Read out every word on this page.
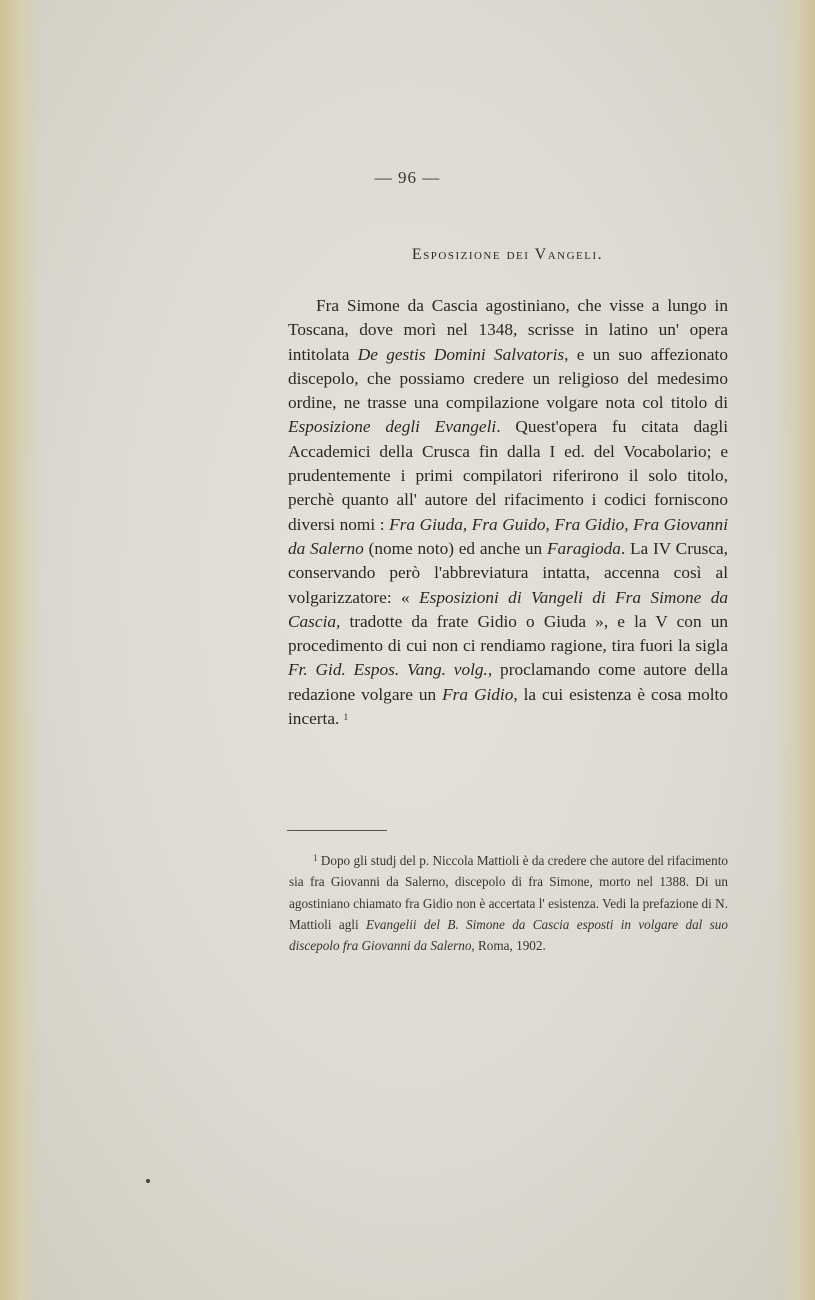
— 96 —
Esposizione dei Vangeli.

Fra Simone da Cascia agostiniano, che visse a lungo in Toscana, dove morì nel 1348, scrisse in latino un' opera intitolata De gestis Domini Salvatoris, e un suo affezionato discepolo, che possiamo credere un religioso del medesimo ordine, ne trasse una compilazione volgare nota col titolo di Esposizione degli Evangeli. Quest'opera fu citata dagli Accademici della Crusca fin dalla I ed. del Vocabolario; e prudentemente i primi compilatori riferirono il solo titolo, perchè quanto all' autore del rifacimento i codici forniscono diversi nomi : Fra Giuda, Fra Guido, Fra Gidio, Fra Giovanni da Salerno (nome noto) ed anche un Faragioda. La IV Crusca, conservando però l'abbreviatura intatta, accenna così al volgarizzatore: « Esposizioni di Vangeli di Fra Simone da Cascia, tradotte da frate Gidio o Giuda », e la V con un procedimento di cui non ci rendiamo ragione, tira fuori la sigla Fr. Gid. Espos. Vang. volg., proclamando come autore della redazione volgare un Fra Gidio, la cui esistenza è cosa molto incerta. $^1$

$^1$ Dopo gli studj del p. Niccola Mattioli è da credere che autore del rifacimento sia fra Giovanni da Salerno, discepolo di fra Simone, morto nel 1388. Di un agostiniano chiamato fra Gidio non è accertata l' esistenza. Vedi la prefazione di N. Mattioli agli Evangelii del B. Simone da Cascia esposti in volgare dal suo discepolo fra Giovanni da Salerno, Roma, 1902.
